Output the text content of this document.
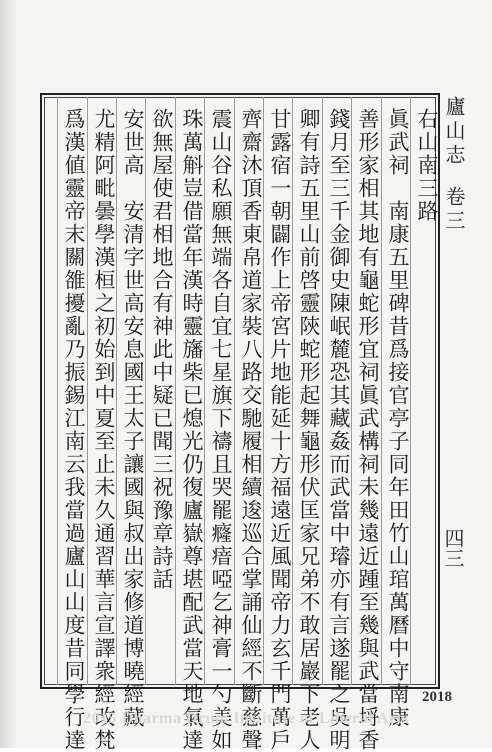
廬山志卷三
四三
右山南三路
眞武祠　南康五里碑昔爲接官亭子同年田竹山琯萬曆中守南康
善形家相其地有龜蛇形宜祠眞武構祠未幾遠近踵至幾與武當埒香
錢月至三千金御史陳岷麓恐其藏姦而武當中璿亦有言遂罷之吳明
卿有詩五里山前啓靈陝蛇形起舞龜形伏匡家兄弟不敢居巖下老人
甘露宿一朝闢作上帝宮片地能延十方福遠近風聞帝力玄千門萬戶
齊齋沐頂香東帛道家裝八路交馳履相續逡巡合掌誦仙經不斷慈聲
震山谷私願無端各自宜七星旗下禱且哭罷癃瘖啞乞神膏一勺美如
珠萬斛豈借當年漢時靈旛柴已熄光仍復廬嶽尊堪配武當天地氣達
欲無屋使君相地合有神此中疑已聞三祝豫章詩話
安世高　安清字世高安息國王太子讓國與叔出家修道博曉經藏
尤精阿毗曇學漢桓之初始到中夏至止未久通習華言宣譯衆經改梵
爲漢値靈帝末關雒擾亂乃振錫江南云我當過廬山山度昔同學行達	2018
2015 Dharma Drum Institute of Liberal Arts
